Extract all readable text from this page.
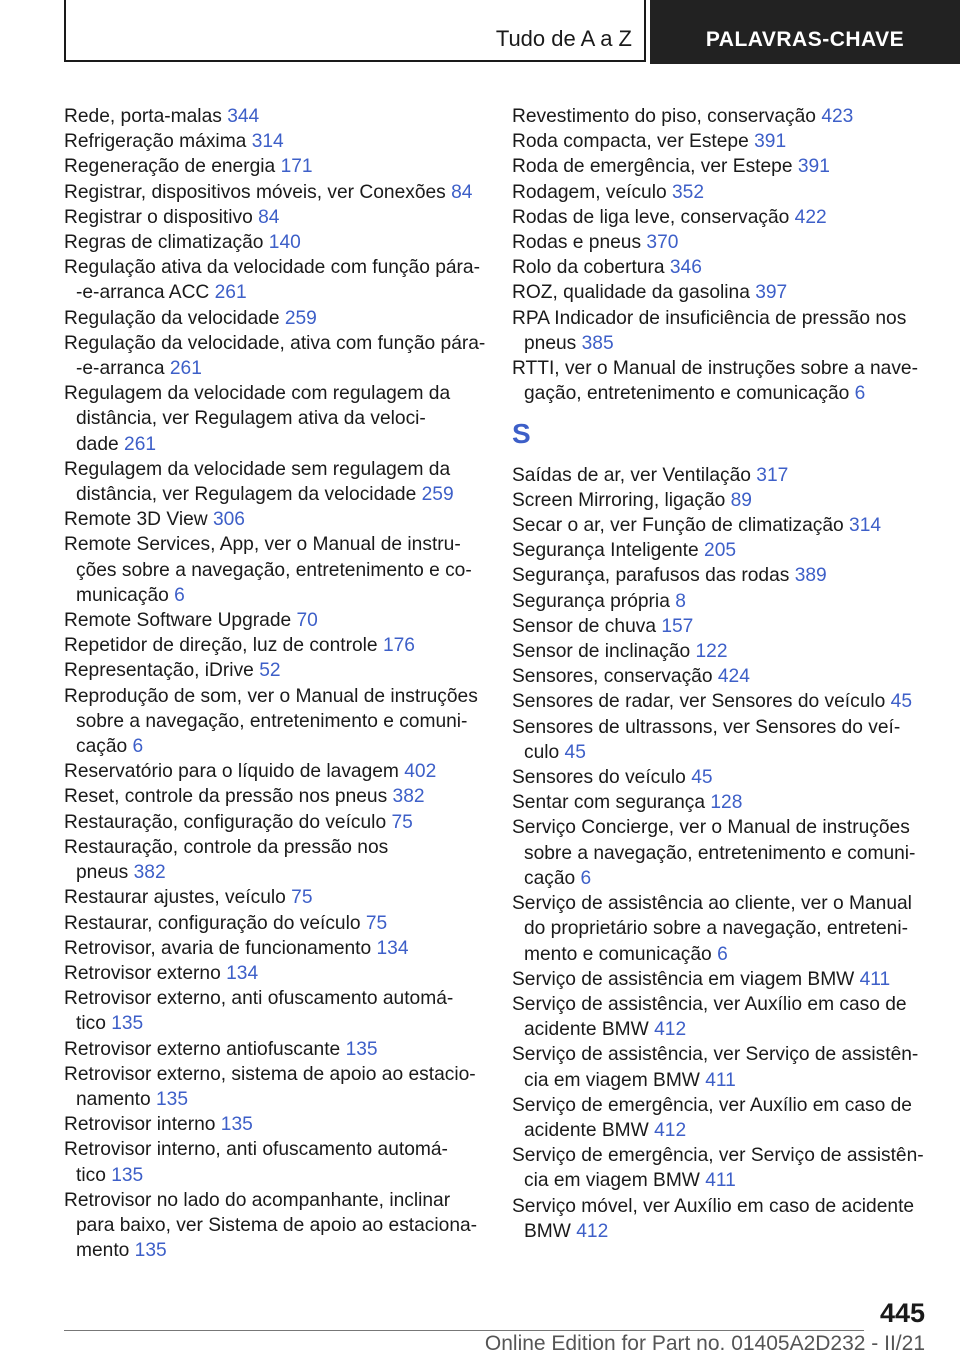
Tudo de A a Z	PALAVRAS-CHAVE
Rede, porta-malas 344
Refrigeração máxima 314
Regeneração de energia 171
Registrar, dispositivos móveis, ver Conexões 84
Registrar o dispositivo 84
Regras de climatização 140
Regulação ativa da velocidade com função pára-
-e-arranca ACC 261
Regulação da velocidade 259
Regulação da velocidade, ativa com função pára-
-e-arranca 261
Regulagem da velocidade com regulagem da
distância, ver Regulagem ativa da veloci-
dade 261
Regulagem da velocidade sem regulagem da
distância, ver Regulagem da velocidade 259
Remote 3D View 306
Remote Services, App, ver o Manual de instru-
ções sobre a navegação, entretenimento e co-
municação 6
Remote Software Upgrade 70
Repetidor de direção, luz de controle 176
Representação, iDrive 52
Reprodução de som, ver o Manual de instruções
sobre a navegação, entretenimento e comuni-
cação 6
Reservatório para o líquido de lavagem 402
Reset, controle da pressão nos pneus 382
Restauração, configuração do veículo 75
Restauração, controle da pressão nos
pneus 382
Restaurar ajustes, veículo 75
Restaurar, configuração do veículo 75
Retrovisor, avaria de funcionamento 134
Retrovisor externo 134
Retrovisor externo, anti ofuscamento automá-
tico 135
Retrovisor externo antiofuscante 135
Retrovisor externo, sistema de apoio ao estacio-
namento 135
Retrovisor interno 135
Retrovisor interno, anti ofuscamento automá-
tico 135
Retrovisor no lado do acompanhante, inclinar
para baixo, ver Sistema de apoio ao estaciona-
mento 135
Revestimento do piso, conservação 423
Roda compacta, ver Estepe 391
Roda de emergência, ver Estepe 391
Rodagem, veículo 352
Rodas de liga leve, conservação 422
Rodas e pneus 370
Rolo da cobertura 346
ROZ, qualidade da gasolina 397
RPA Indicador de insuficiência de pressão nos
pneus 385
RTTI, ver o Manual de instruções sobre a nave-
gação, entretenimento e comunicação 6
S
Saídas de ar, ver Ventilação 317
Screen Mirroring, ligação 89
Secar o ar, ver Função de climatização 314
Segurança Inteligente 205
Segurança, parafusos das rodas 389
Segurança própria 8
Sensor de chuva 157
Sensor de inclinação 122
Sensores, conservação 424
Sensores de radar, ver Sensores do veículo 45
Sensores de ultrassons, ver Sensores do veí-
culo 45
Sensores do veículo 45
Sentar com segurança 128
Serviço Concierge, ver o Manual de instruções
sobre a navegação, entretenimento e comuni-
cação 6
Serviço de assistência ao cliente, ver o Manual
do proprietário sobre a navegação, entreteni-
mento e comunicação 6
Serviço de assistência em viagem BMW 411
Serviço de assistência, ver Auxílio em caso de
acidente BMW 412
Serviço de assistência, ver Serviço de assistên-
cia em viagem BMW 411
Serviço de emergência, ver Auxílio em caso de
acidente BMW 412
Serviço de emergência, ver Serviço de assistên-
cia em viagem BMW 411
Serviço móvel, ver Auxílio em caso de acidente
BMW 412
445
Online Edition for Part no. 01405A2D232 - II/21
